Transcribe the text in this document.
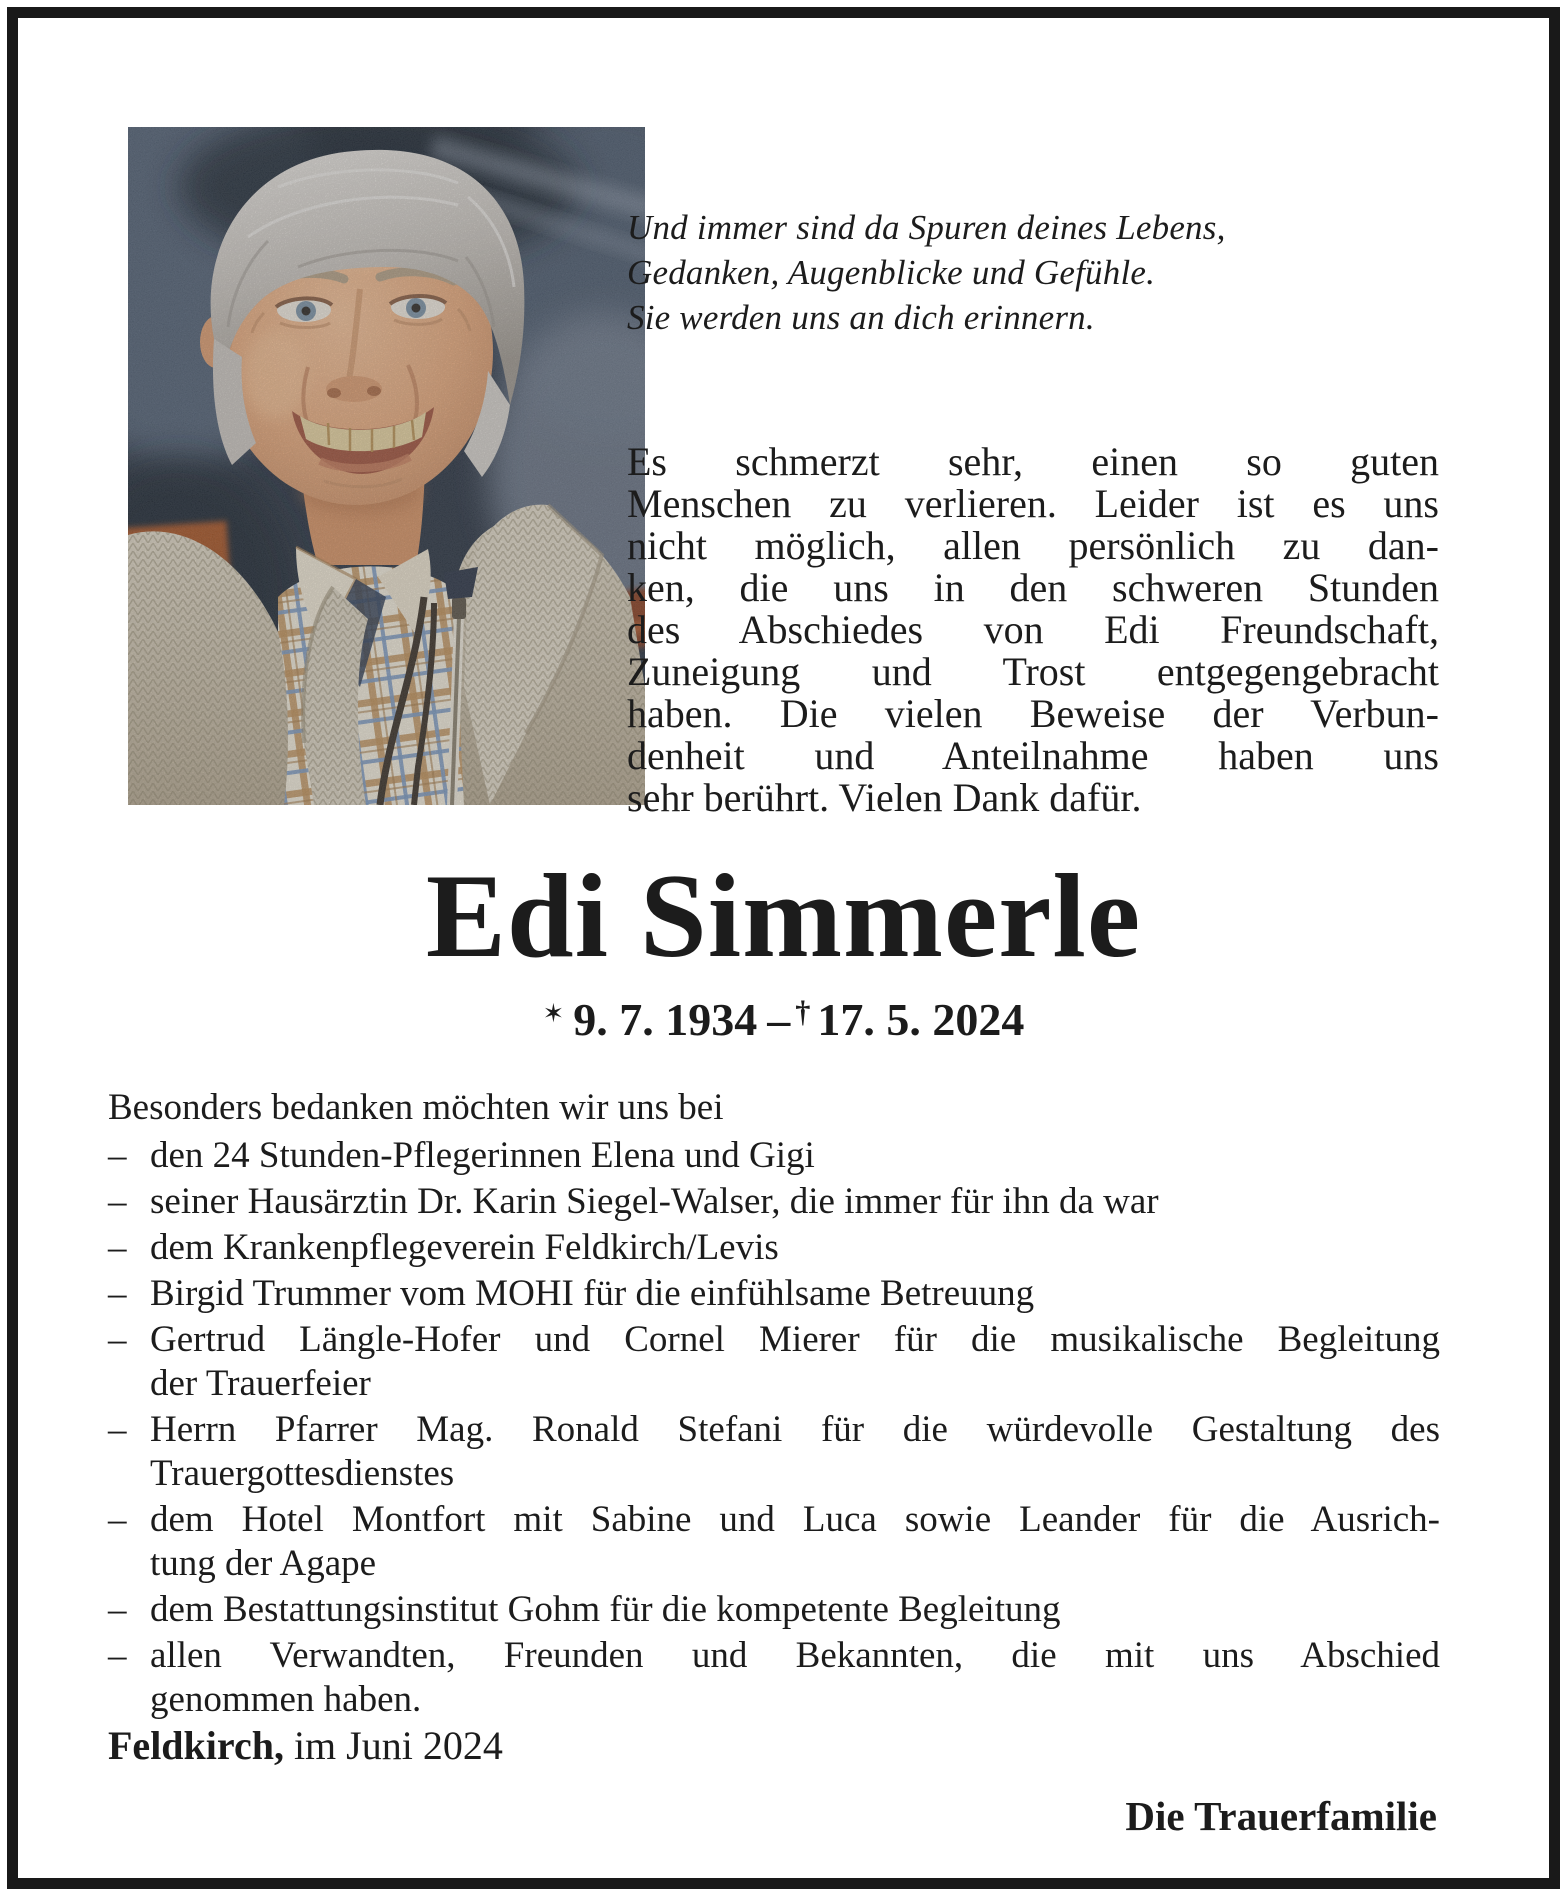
Und immer sind da Spuren deines Lebens,
Gedanken, Augenblicke und Gefühle.
Sie werden uns an dich erinnern.
Es schmerzt sehr, einen so guten
Menschen zu verlieren. Leider ist es uns
nicht möglich, allen persönlich zu dan-
ken, die uns in den schweren Stunden
des Abschiedes von Edi Freundschaft,
Zuneigung und Trost entgegengebracht
haben. Die vielen Beweise der Verbun-
denheit und Anteilnahme haben uns
sehr berührt. Vielen Dank dafür.
Edi Simmerle
✶ 9. 7. 1934 – † 17. 5. 2024
Besonders bedanken möchten wir uns bei
– den 24 Stunden-Pflegerinnen Elena und Gigi
– seiner Hausärztin Dr. Karin Siegel-Walser, die immer für ihn da war
– dem Krankenpflegeverein Feldkirch/Levis
– Birgid Trummer vom MOHI für die einfühlsame Betreuung
– Gertrud Längle-Hofer und Cornel Mierer für die musikalische Begleitung
der Trauerfeier
– Herrn Pfarrer Mag. Ronald Stefani für die würdevolle Gestaltung des
Trauergottesdienstes
– dem Hotel Montfort mit Sabine und Luca sowie Leander für die Ausrich-
tung der Agape
– dem Bestattungsinstitut Gohm für die kompetente Begleitung
– allen Verwandten, Freunden und Bekannten, die mit uns Abschied
genommen haben.
Feldkirch, im Juni 2024
Die Trauerfamilie
